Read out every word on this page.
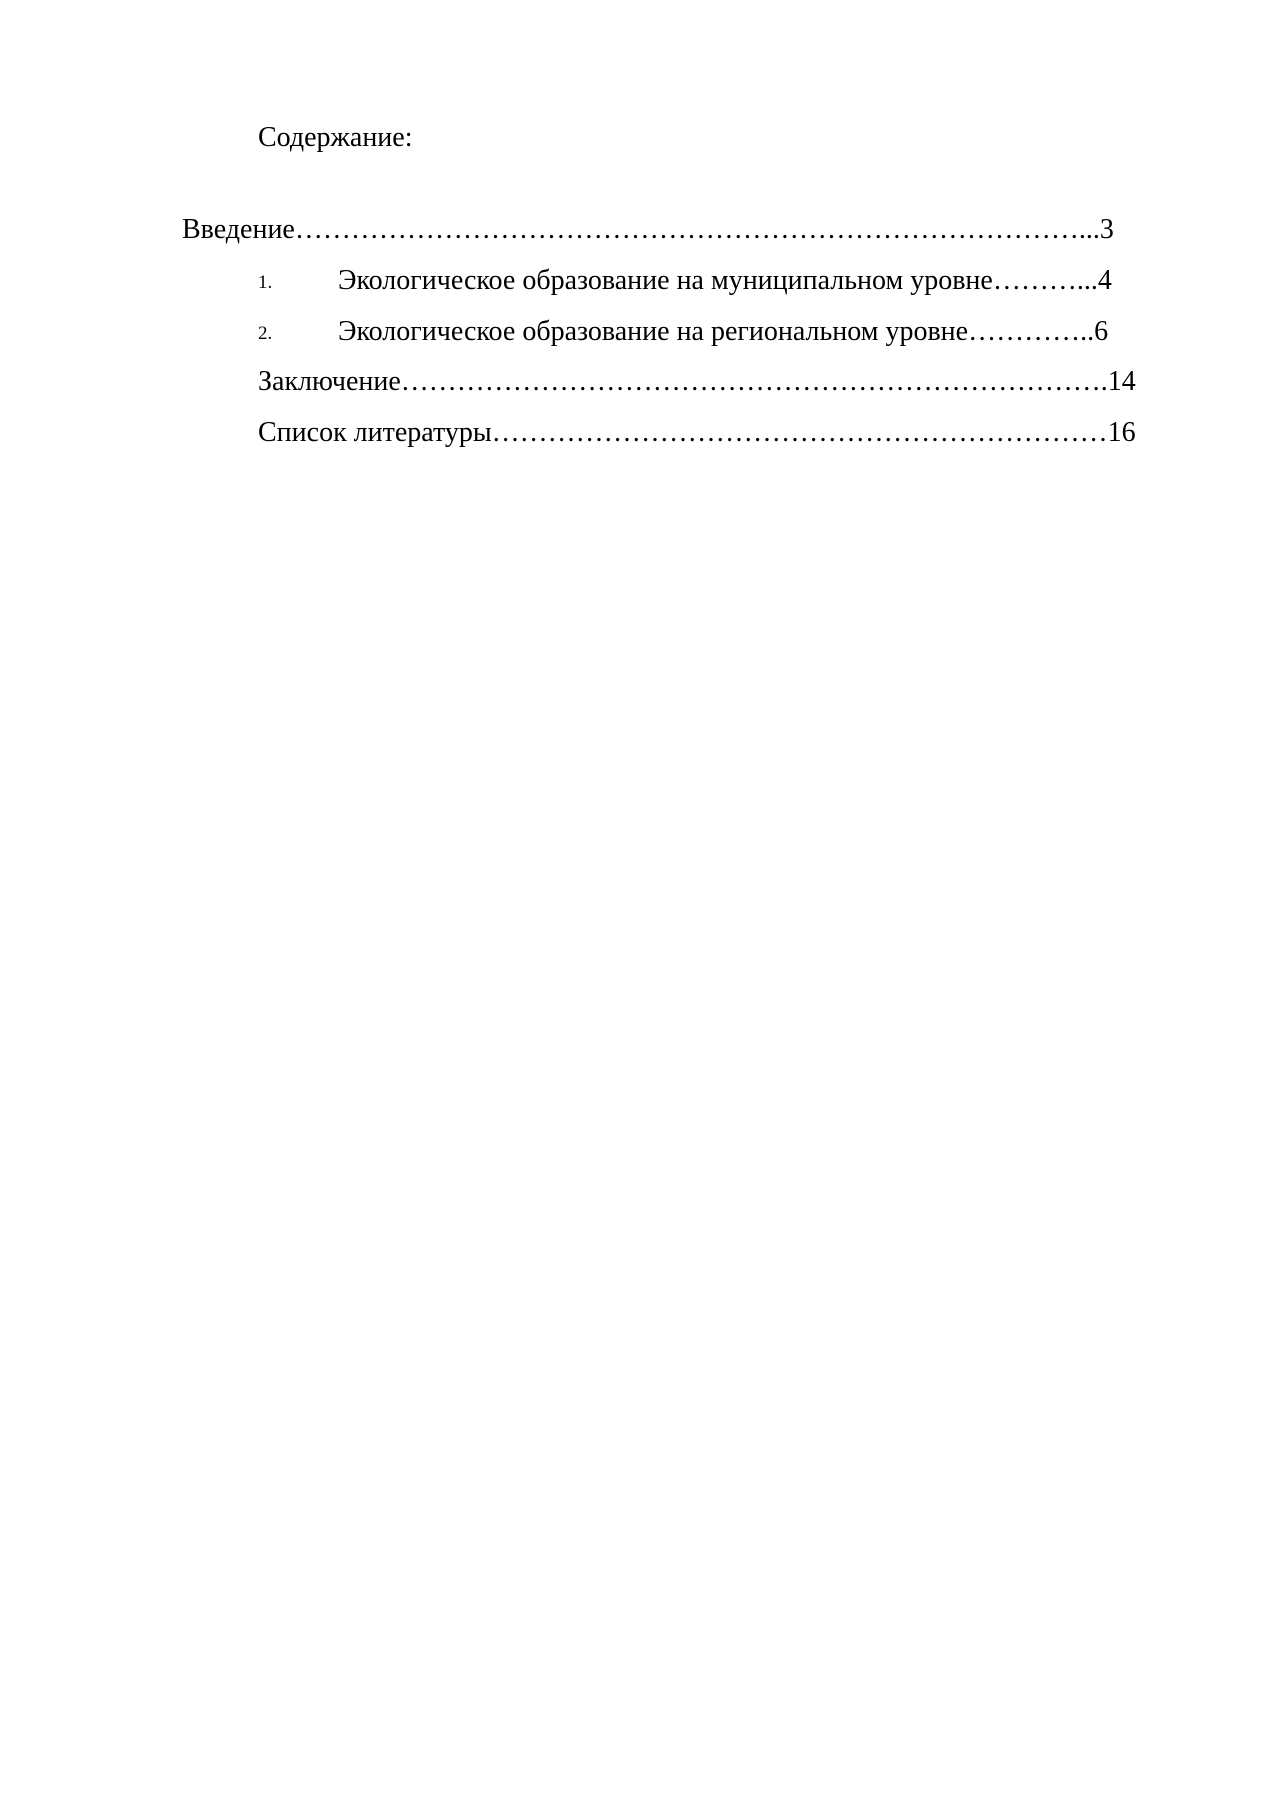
Содержание:
Введение…………………………………………………………………………...3
1. Экологическое образование на муниципальном уровне………...4
2. Экологическое образование на региональном уровне…………..6
Заключение………………………………………………………………….14
Список литературы…………………………………………………………16
